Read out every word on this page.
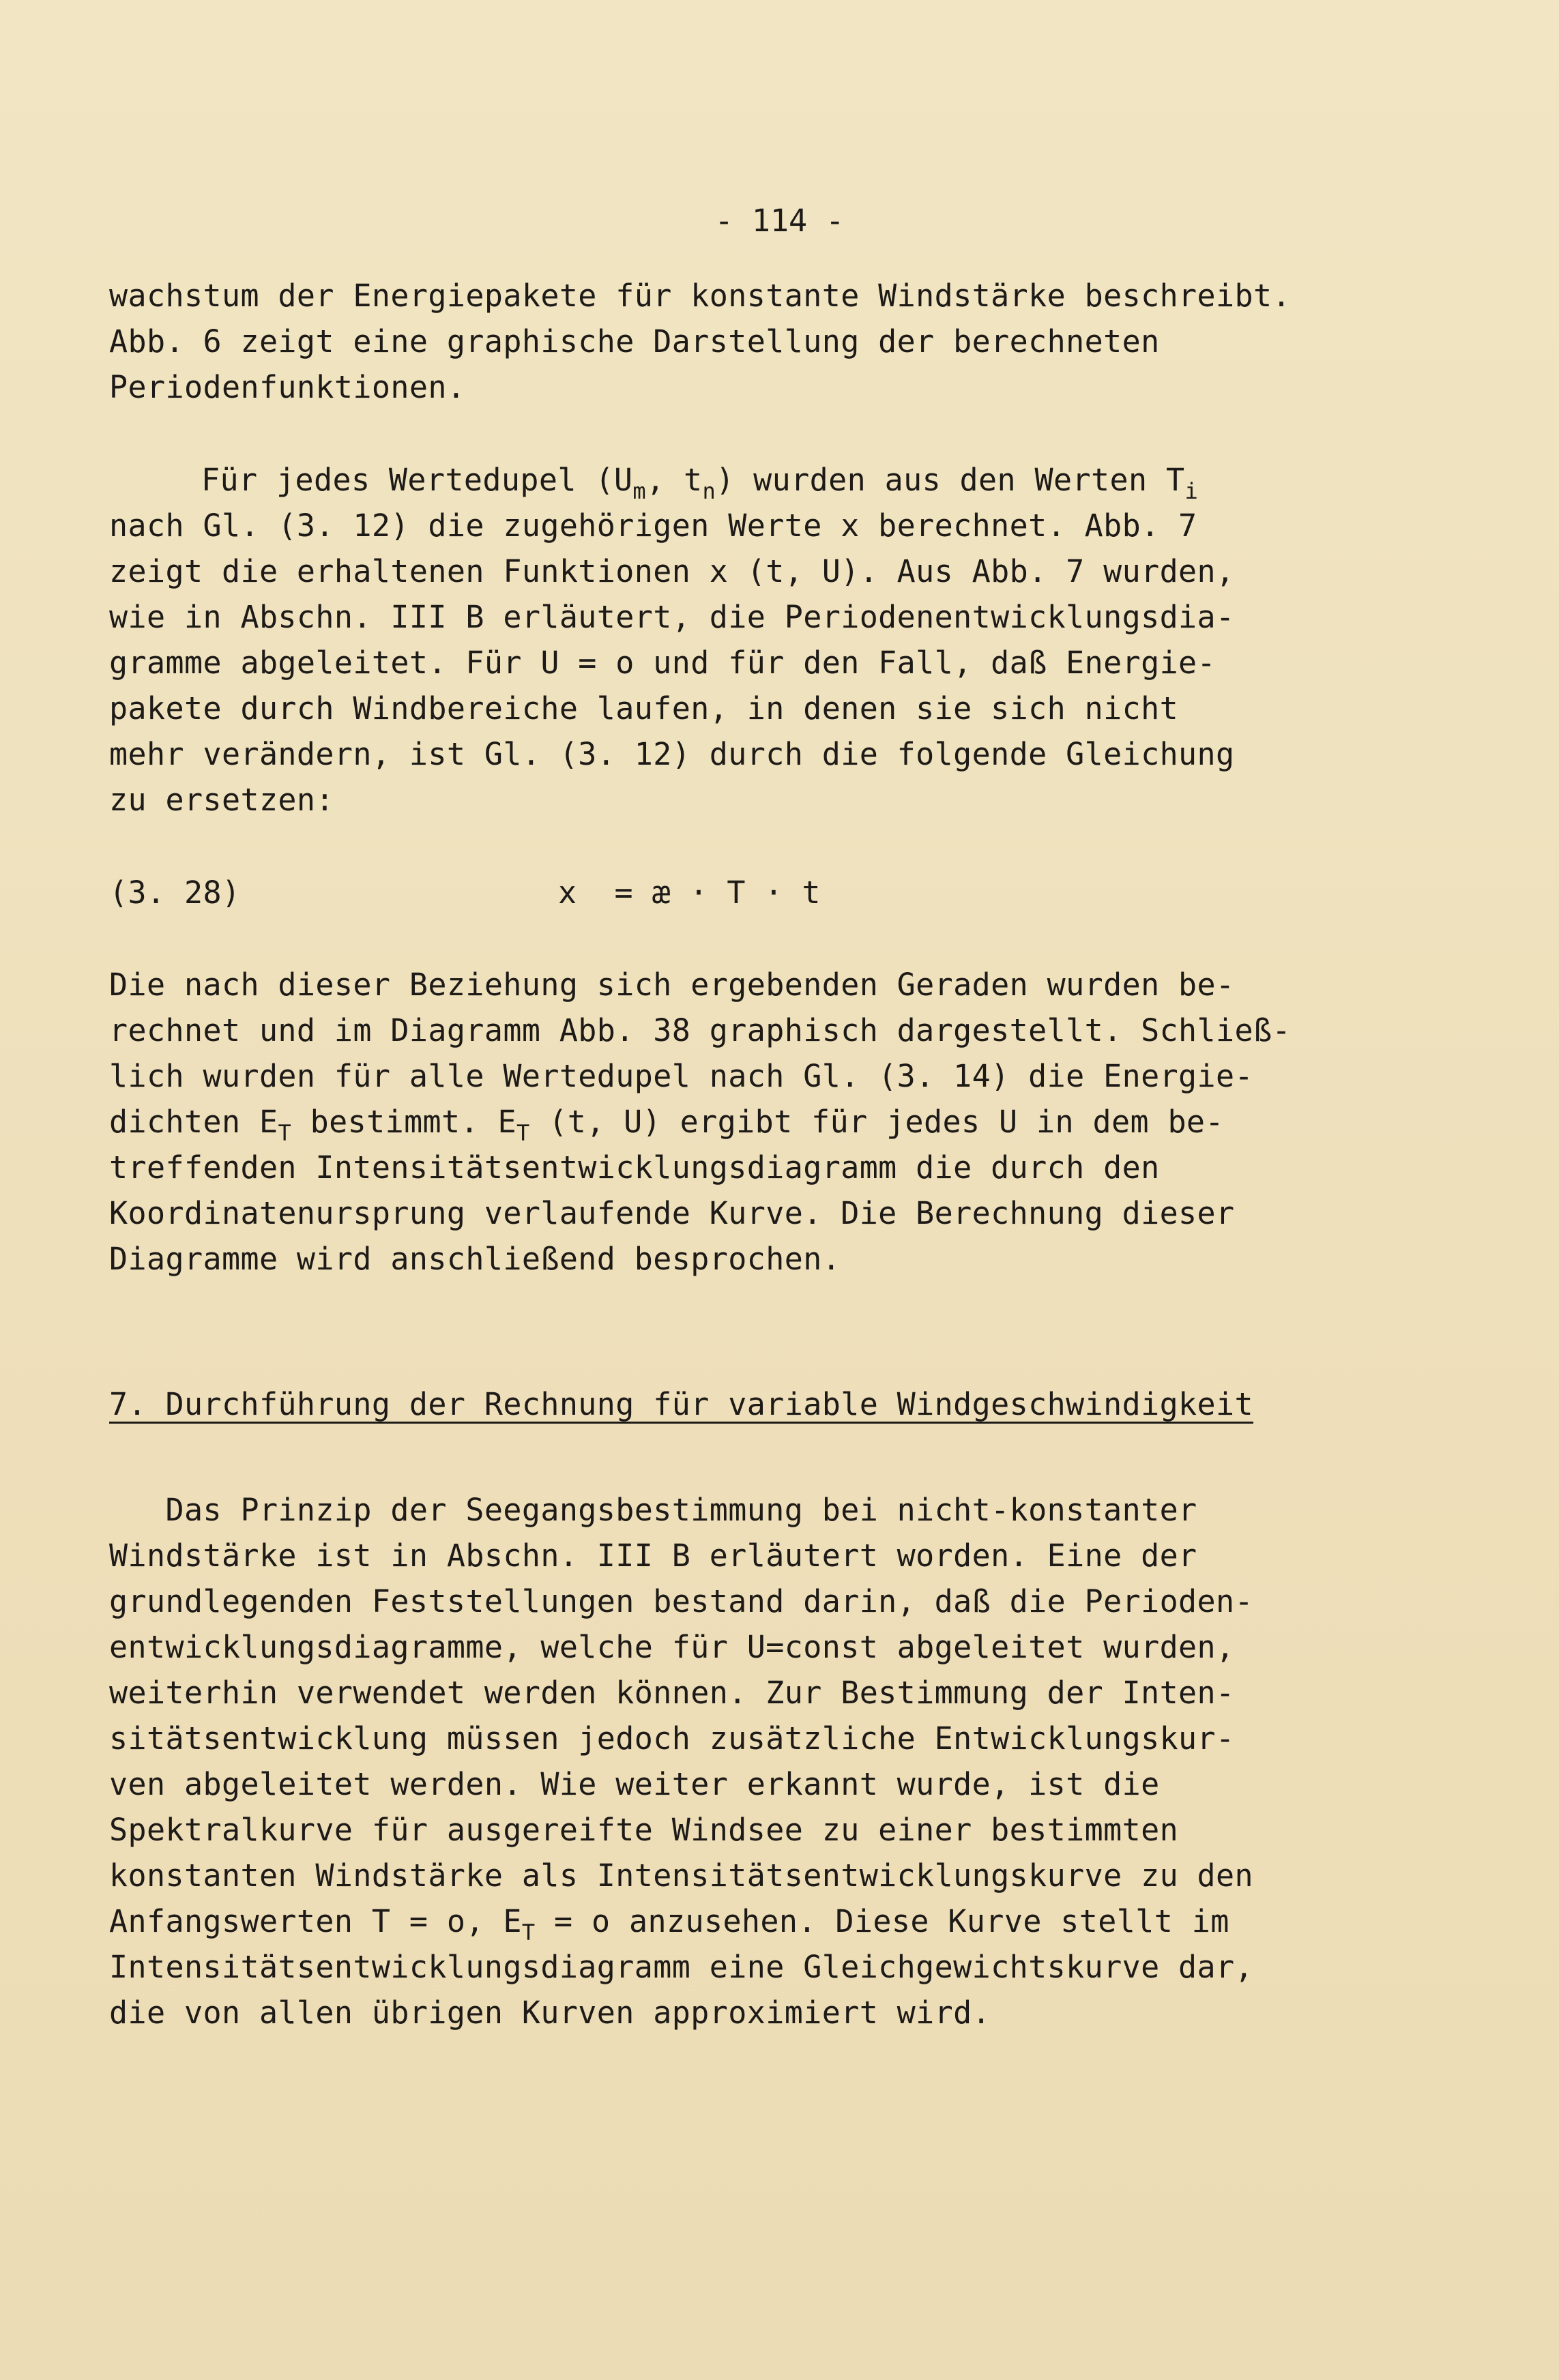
- 114 -
wachstum der Energiepakete für konstante Windstärke beschreibt.
Abb. 6 zeigt eine graphische Darstellung der berechneten
Periodenfunktionen.
Für jedes Wertedupel ($U_m$, $t_n$) wurden aus den Werten $T_i$
nach Gl. (3. 12) die zugehörigen Werte x berechnet. Abb. 7
zeigt die erhaltenen Funktionen x (t, U). Aus Abb. 7 wurden,
wie in Abschn. III B erläutert, die Periodenentwicklungsdia-
gramme abgeleitet. Für U = o und für den Fall, daß Energie-
pakete durch Windbereiche laufen, in denen sie sich nicht
mehr verändern, ist Gl. (3. 12) durch die folgende Gleichung
zu ersetzen:
(3. 28)	x  = æ · T · t
Die nach dieser Beziehung sich ergebenden Geraden wurden be-
rechnet und im Diagramm Abb. 38 graphisch dargestellt. Schließ-
lich wurden für alle Wertedupel nach Gl. (3. 14) die Energie-
dichten $E_T$ bestimmt. $E_T$ (t, U) ergibt für jedes U in dem be-
treffenden Intensitätsentwicklungsdiagramm die durch den
Koordinatenursprung verlaufende Kurve. Die Berechnung dieser
Diagramme wird anschließend besprochen.
7. Durchführung der Rechnung für variable Windgeschwindigkeit
Das Prinzip der Seegangsbestimmung bei nicht-konstanter
Windstärke ist in Abschn. III B erläutert worden. Eine der
grundlegenden Feststellungen bestand darin, daß die Perioden-
entwicklungsdiagramme, welche für U=const abgeleitet wurden,
weiterhin verwendet werden können. Zur Bestimmung der Inten-
sitätsentwicklung müssen jedoch zusätzliche Entwicklungskur-
ven abgeleitet werden. Wie weiter erkannt wurde, ist die
Spektralkurve für ausgereifte Windsee zu einer bestimmten
konstanten Windstärke als Intensitätsentwicklungskurve zu den
Anfangswerten T = o, $E_T = o$ anzusehen. Diese Kurve stellt im
Intensitätsentwicklungsdiagramm eine Gleichgewichtskurve dar,
die von allen übrigen Kurven approximiert wird.
